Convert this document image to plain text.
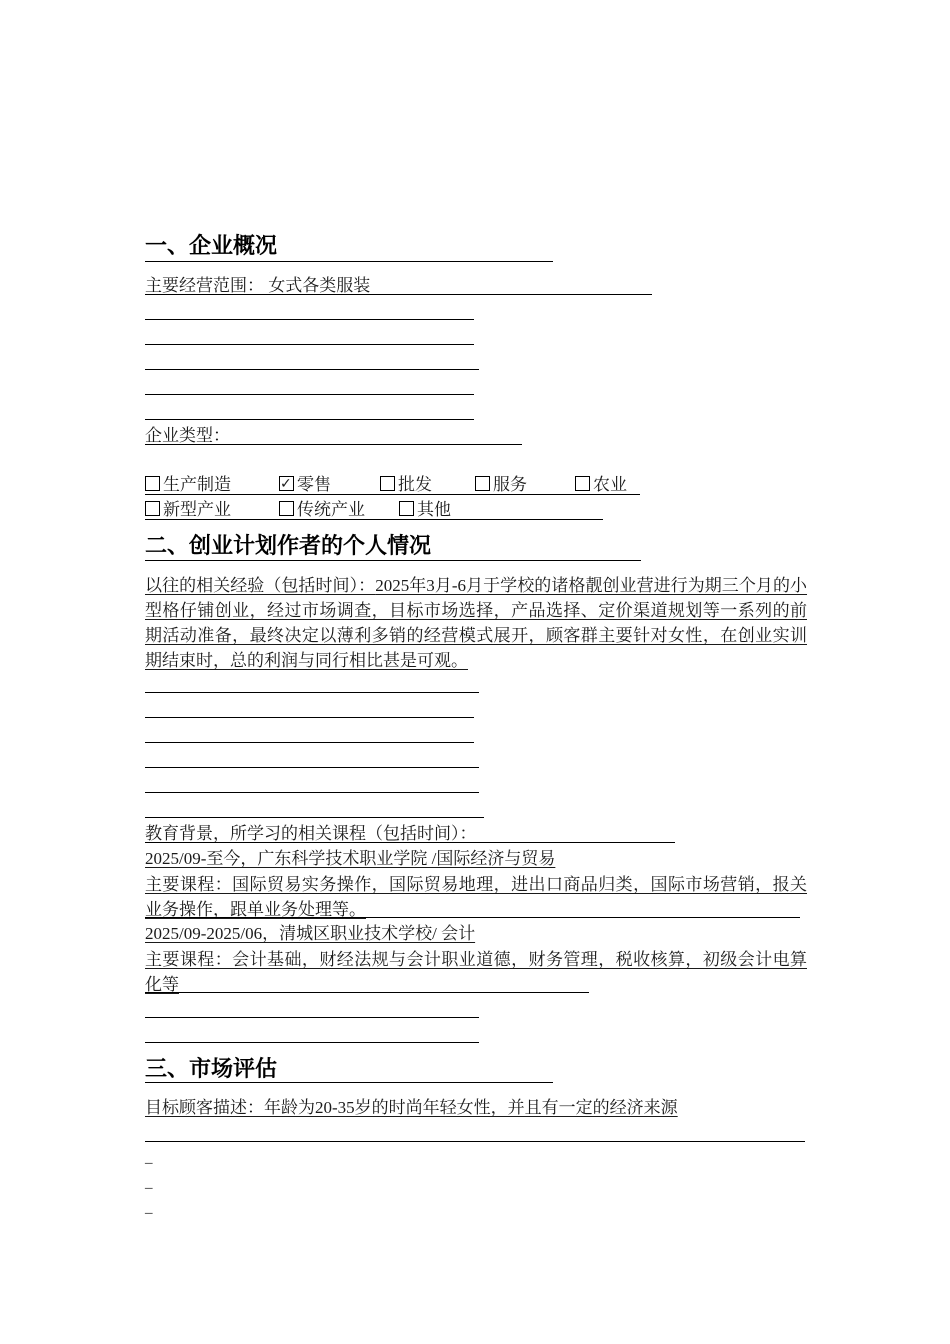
一、企业概况
主要经营范围： 女式各类服装
企业类型：
生产制造
✓	零售	批发	服务	农业
新型产业	传统产业	其他
二、创业计划作者的个人情况
以往的相关经验（包括时间）：2025年3月-6月于学校的诸格靓创业营进行为期三个月的小型格仔铺创业，经过市场调查，目标市场选择，产品选择、定价渠道规划等一系列的前期活动准备，最终决定以薄利多销的经营模式展开，顾客群主要针对女性，在创业实训期结束时，总的利润与同行相比甚是可观。
教育背景，所学习的相关课程（包括时间）：
2025/09-至今，广东科学技术职业学院 /国际经济与贸易
主要课程：国际贸易实务操作，国际贸易地理，进出口商品归类，国际市场营销，报关业务操作，跟单业务处理等。
2025/09-2025/06，清城区职业技术学校/ 会计
主要课程：会计基础，财经法规与会计职业道德，财务管理，税收核算，初级会计电算化等
三、市场评估
目标顾客描述：年龄为20-35岁的时尚年轻女性，并且有一定的经济来源
_
_
_
